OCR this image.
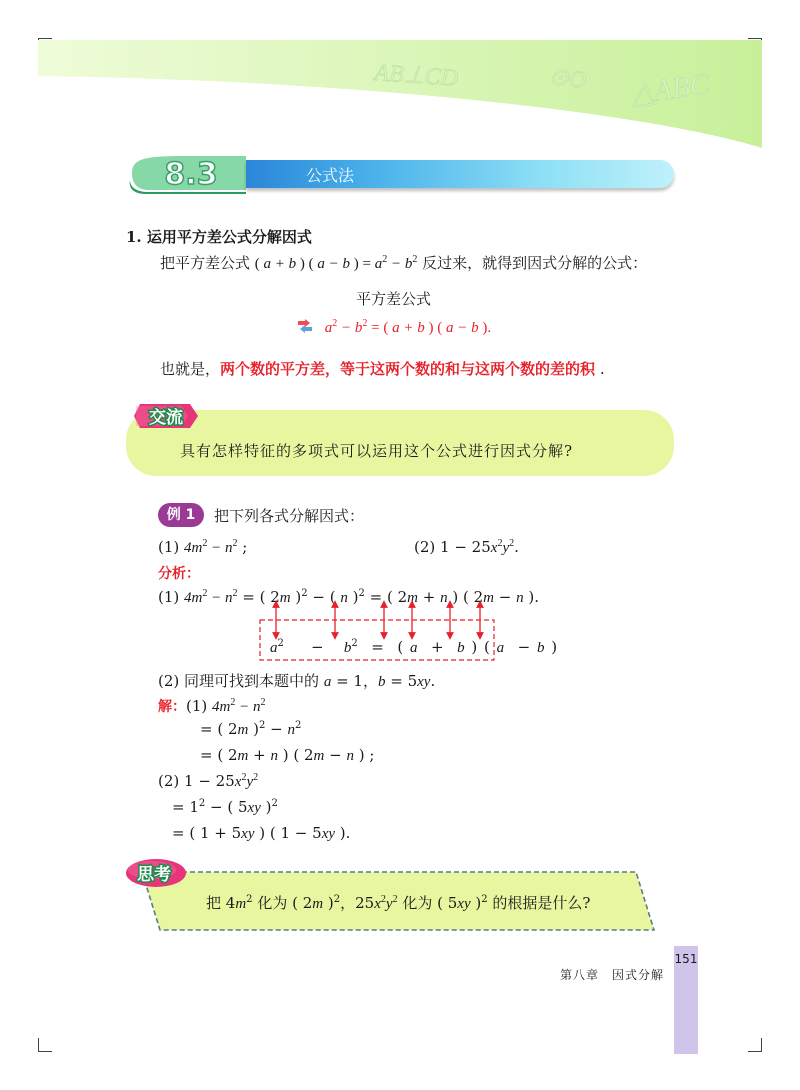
AB⊥CD	⊙O △ABC
8.3	公式法
1. 运用平方差公式分解因式
把平方差公式 ( a + b ) ( a − b ) = $a^2 - b^2$ 反过来，就得到因式分解的公式：
平方差公式
$a^2 - b^2$ = ( a + b ) ( a − b ).
也就是，两个数的平方差，等于这两个数的和与这两个数的差的积 .
交流
具有怎样特征的多项式可以运用这个公式进行因式分解?
例 1	把下列各式分解因式：
(1) $4m^2 - n^2$ ;	(2) $1 - 25x^2y^2$.
分析：
(1) $4m^2 - n^2$ = ( 2m )$^2$ − ( n )$^2$ = ( 2m + n ) ( 2m − n ).
$a^2$    −   $b^2$  =  ( a  +  b ) ( a  − b )
(2) 同理可找到本题中的 a = 1，b = 5xy.
解：(1) $4m^2 - n^2$
= ( 2m )$^2 - n^2$
= ( 2m + n ) ( 2m − n ) ;
(2) $1 - 25x^2y^2$
= $1^2$ − ( 5xy )$^2$
= ( 1 + 5xy ) ( 1 − 5xy ).
思考
把 $4m^2$ 化为 ( 2m )$^2$，$25x^2y^2$ 化为 ( 5xy )$^2$ 的根据是什么?
151
第八章　因式分解
